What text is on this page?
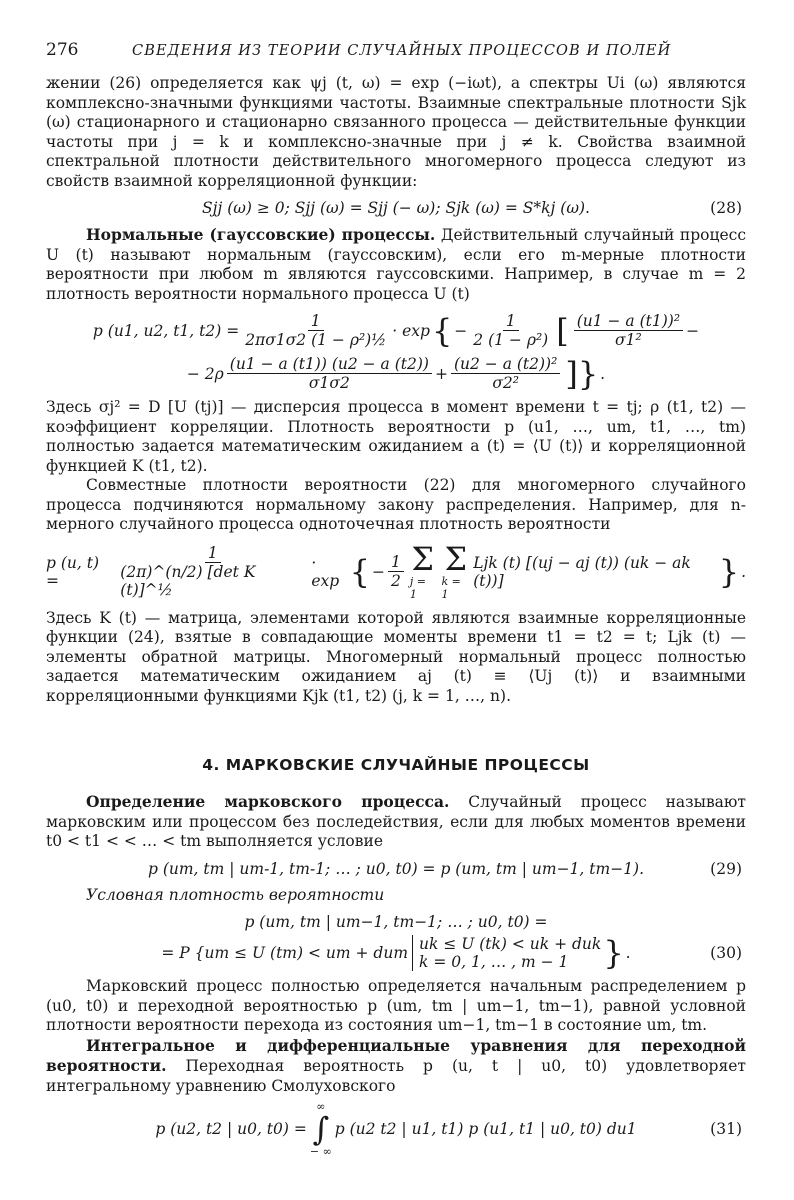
276	СВЕДЕНИЯ ИЗ ТЕОРИИ СЛУЧАЙНЫХ ПРОЦЕССОВ И ПОЛЕЙ

жении (26) определяется как ψj (t, ω) = exp (−iωt), а спектры Ui (ω) являются комплексно-значными функциями частоты. Взаимные спектральные плотности Sjk (ω) стационарного и стационарно связанного процесса — действительные функции частоты при j = k и комплексно-значные при j ≠ k. Свойства взаимной спектральной плотности действительного многомерного процесса следуют из свойств взаимной корреляционной функции:

Sjj (ω) ≥ 0; Sjj (ω) = Sjj (− ω); Sjk (ω) = S*kj (ω).	(28)

Нормальные (гауссовские) процессы. Действительный случайный процесс U (t) называют нормальным (гауссовским), если его m-мерные плотности вероятности при любом m являются гауссовскими. Например, в случае m = 2 плотность вероятности нормального процесса U (t)

p (u1, u2, t1, $t2) = \frac{1}{\text{2πσ1σ2 (1 − ρ²)½}} \cdot \exp$ { − $\frac{1}{\text{2 (1 − ρ²)}}$ [ $\frac{\text{(u1 − a (t1))²}}{\text{σ1²}}$ −
− $2\rho \frac{(u1 - a (t1)) (u2 - a (t2))}{\sigma 1\sigma 2} + \frac{\text{(u2 − a (t2))²}}{\text{σ2²}}$ ]} .

Здесь σj² = D [U (tj)] — дисперсия процесса в момент времени t = tj; ρ (t1, t2) — коэффициент корреляции. Плотность вероятности p (u1, …, um, t1, …, tm) полностью задается математическим ожиданием a (t) = ⟨U (t)⟩ и корреляционной функцией K (t1, t2).

Совместные плотности вероятности (22) для многомерного случайного процесса подчиняются нормальному закону распределения. Например, для n-мерного случайного процесса одноточечная плотность вероятности

p (u, t) =	$\frac{1}{\text{(2π)\textasciicircum{}(n/2) [det K (t)]\textasciicircum{}½}} \cdot \exp$ { − $\frac{1}{2}$ Σ
j = 1
Σ
k = 1
Ljk (t) [(uj − aj (t)) (uk − ak (t))]	} .

Здесь K (t) — матрица, элементами которой являются взаимные корреляционные функции (24), взятые в совпадающие моменты времени t1 = t2 = t; Ljk (t) — элементы обратной матрицы. Многомерный нормальный процесс полностью задается математическим ожиданием aj (t) ≡ ⟨Uj (t)⟩ и взаимными корреляционными функциями Kjk (t1, t2) (j, k = 1, …, n).

4. МАРКОВСКИЕ СЛУЧАЙНЫЕ ПРОЦЕССЫ

Определение марковского процесса. Случайный процесс называют марковским или процессом без последействия, если для любых моментов времени t0 < t1 < < … < tm выполняется условие

p (um, tm | um-1, tm-1; … ; u0, t0) = p (um, tm | um−1, tm−1).	(29)

Условная плотность вероятности

p (um, tm | um−1, tm−1; … ; u0, t0) =
= P {um ≤ U (tm) < um + dum uk ≤ U (tk) < uk + duk
k = 0, 1, … , m − 1	} .	(30)

Марковский процесс полностью определяется начальным распределением p (u0, t0) и переходной вероятностью p (um, tm | um−1, tm−1), равной условной плотности вероятности перехода из состояния um−1, tm−1 в состояние um, tm.

Интегральное и дифференциальные уравнения для переходной вероятности. Переходная вероятность p (u, t | u0, t0) удовлетворяет интегральному уравнению Смолуховского

p (u2, t2 | u0, t0) =
∞
∫
− ∞
p (u2 t2 | u1, t1) p (u1, t1 | u0, t0) du1	(31)
